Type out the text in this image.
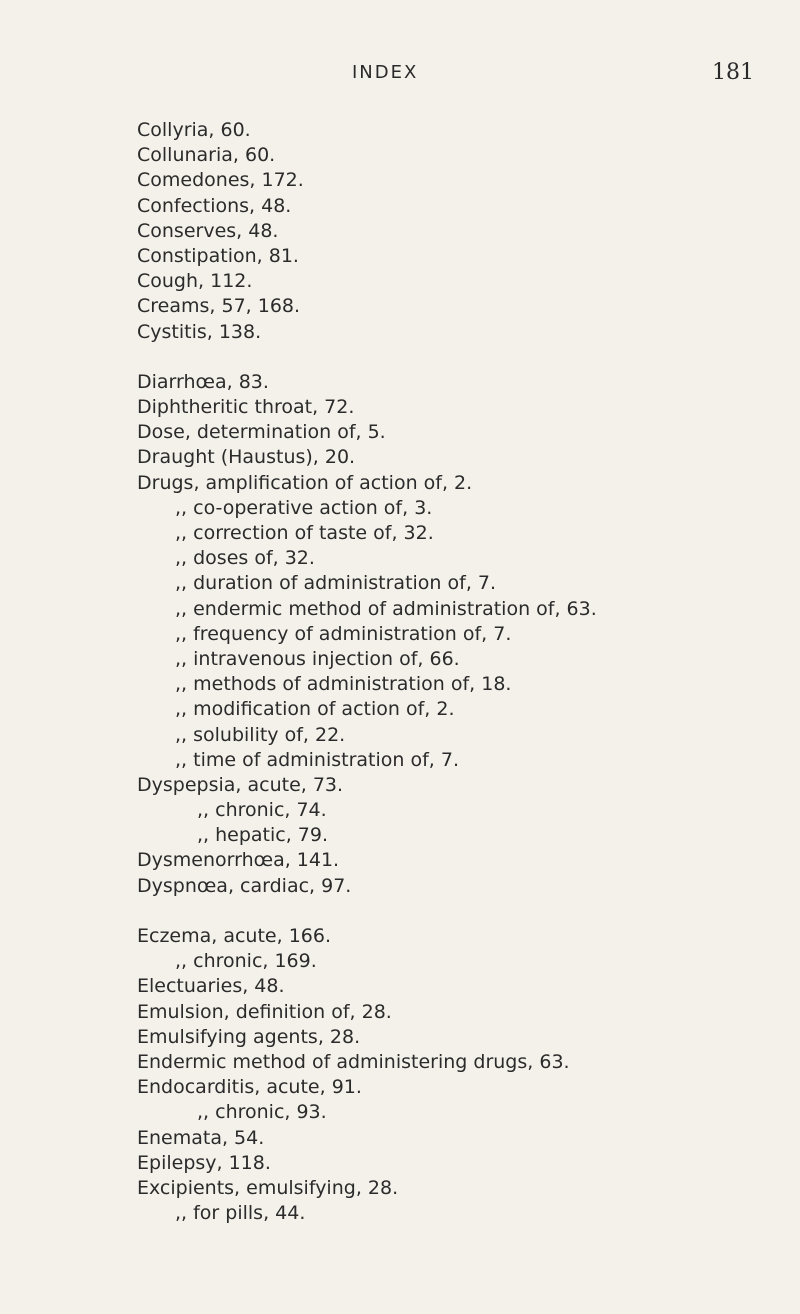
INDEX	181
Collyria, 60.
Collunaria, 60.
Comedones, 172.
Confections, 48.
Conserves, 48.
Constipation, 81.
Cough, 112.
Creams, 57, 168.
Cystitis, 138.
Diarrhœa, 83.
Diphtheritic throat, 72.
Dose, determination of, 5.
Draught (Haustus), 20.
Drugs, amplification of action of, 2.
,, co-operative action of, 3.
,, correction of taste of, 32.
,, doses of, 32.
,, duration of administration of, 7.
,, endermic method of administration of, 63.
,, frequency of administration of, 7.
,, intravenous injection of, 66.
,, methods of administration of, 18.
,, modification of action of, 2.
,, solubility of, 22.
,, time of administration of, 7.
Dyspepsia, acute, 73.
,, chronic, 74.
,, hepatic, 79.
Dysmenorrhœa, 141.
Dyspnœa, cardiac, 97.
Eczema, acute, 166.
,, chronic, 169.
Electuaries, 48.
Emulsion, definition of, 28.
Emulsifying agents, 28.
Endermic method of administering drugs, 63.
Endocarditis, acute, 91.
,, chronic, 93.
Enemata, 54.
Epilepsy, 118.
Excipients, emulsifying, 28.
,, for pills, 44.
